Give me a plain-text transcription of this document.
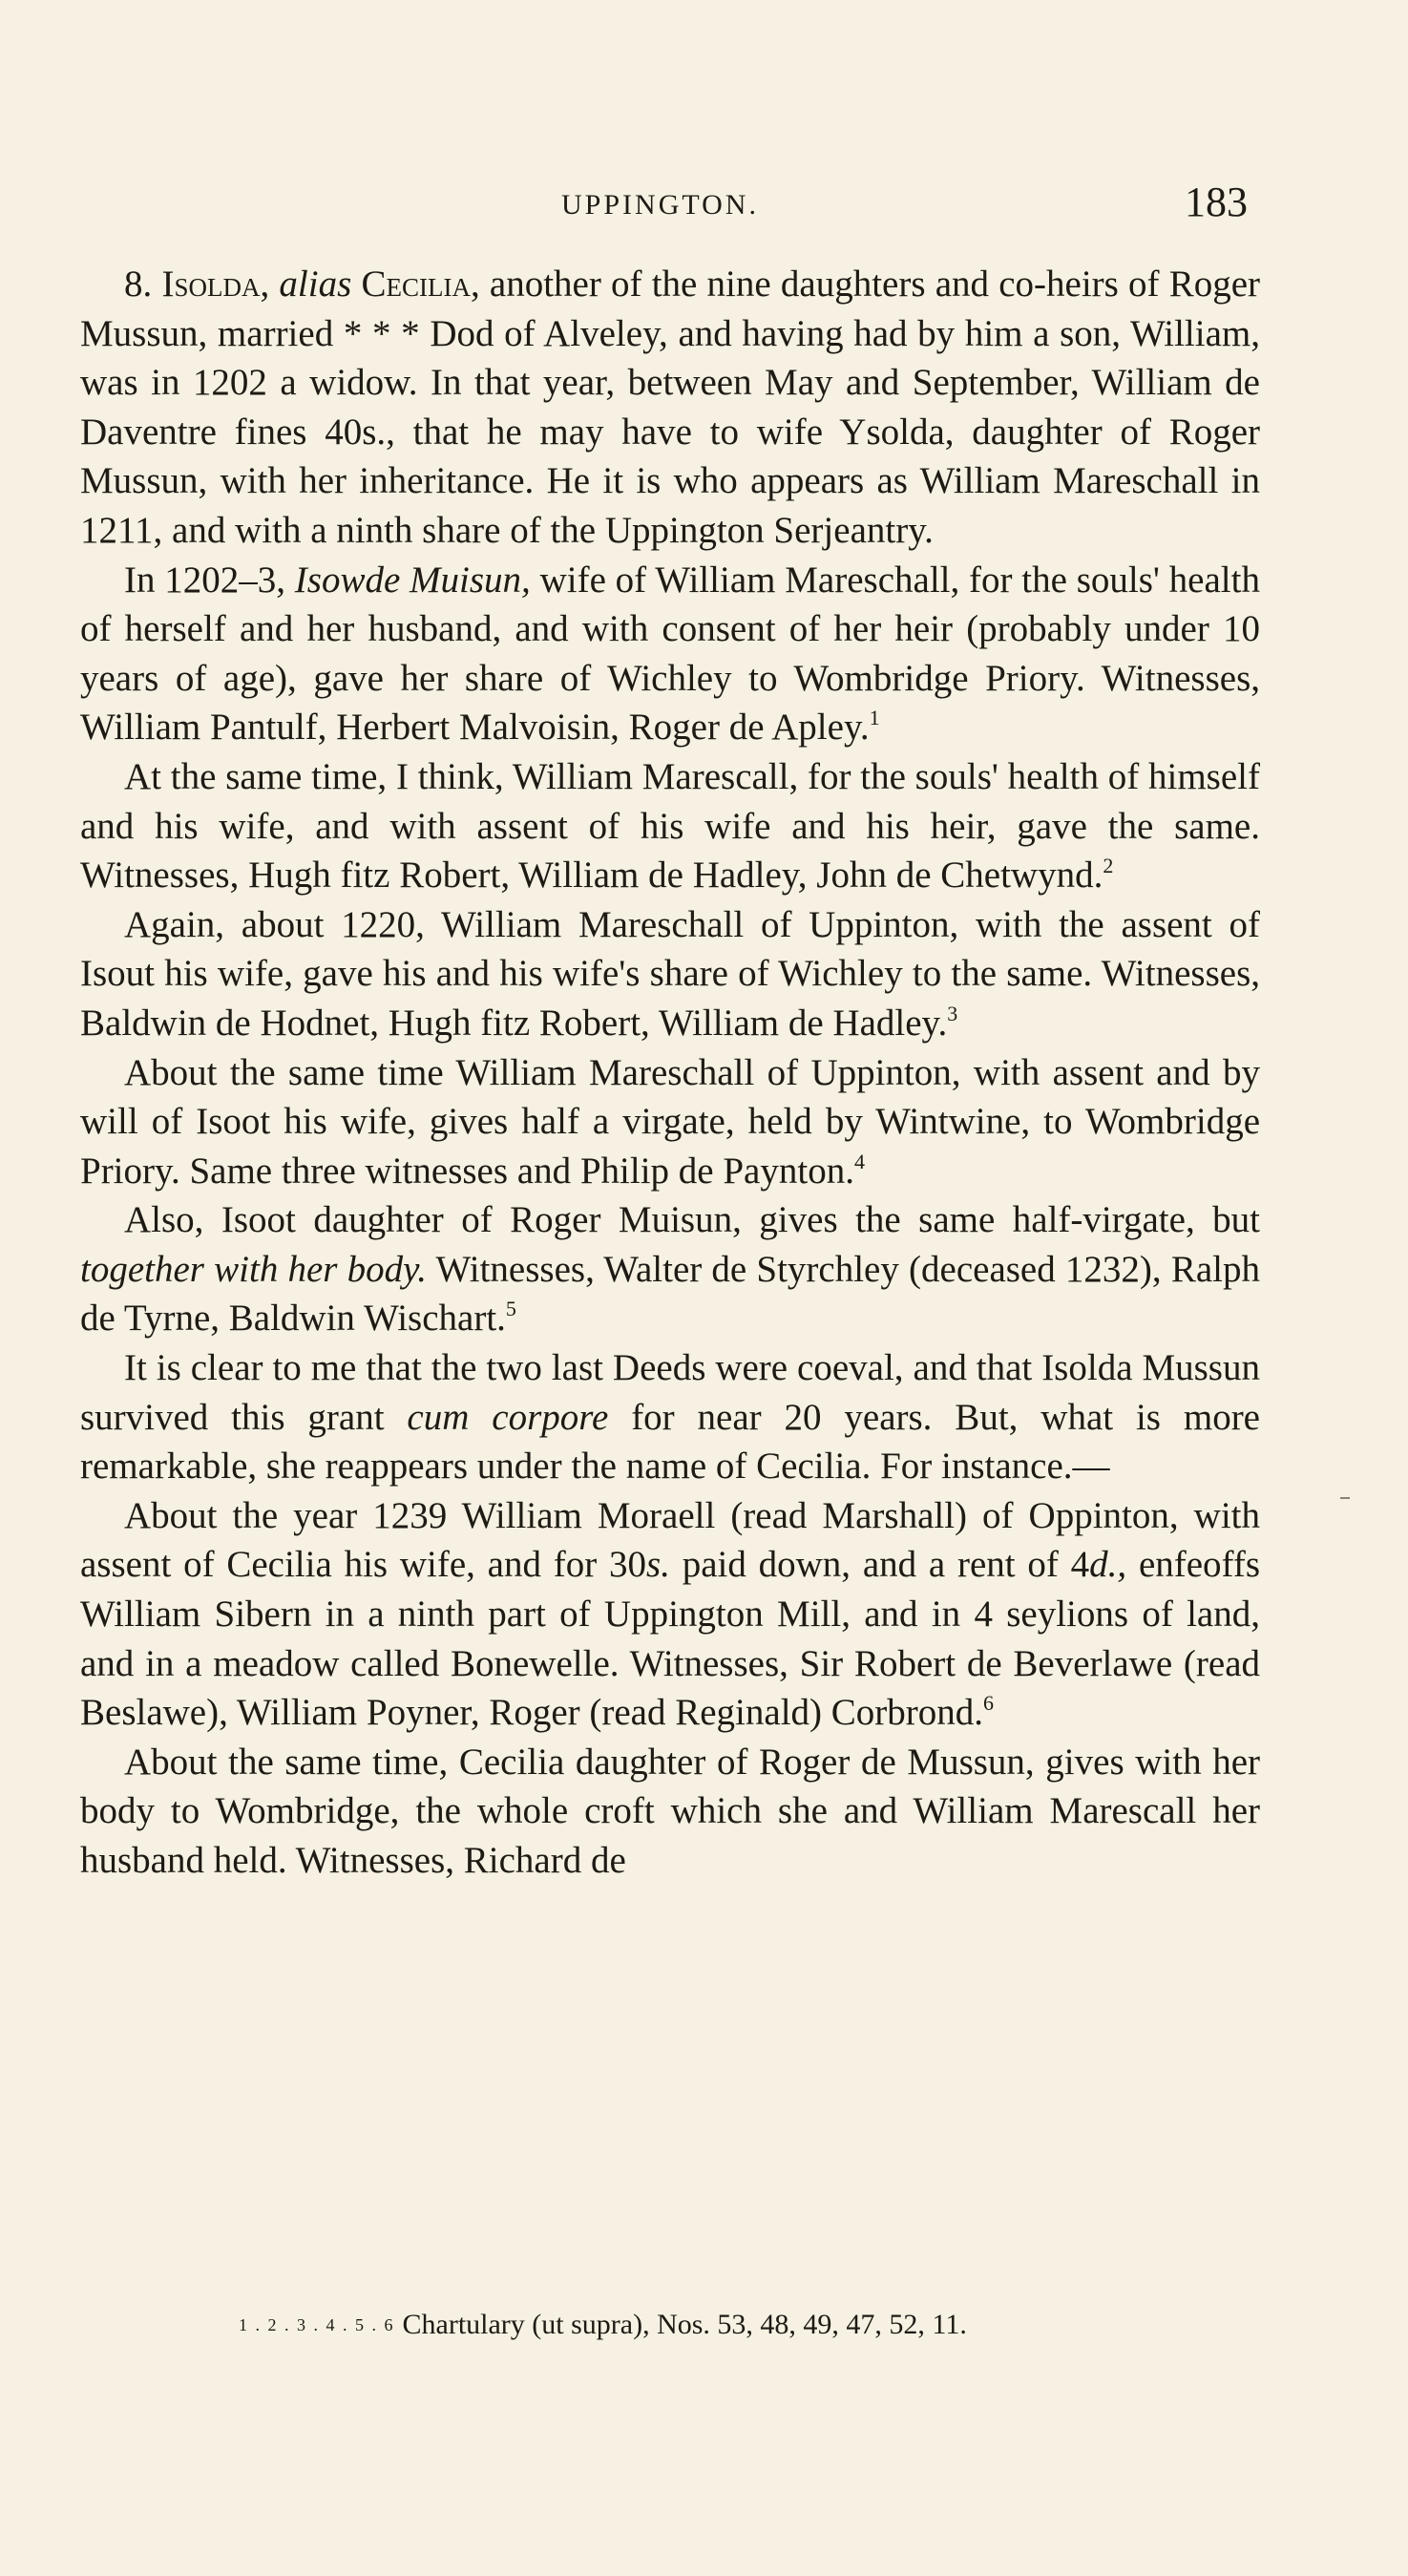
UPPINGTON.	183

8. Isolda, alias Cecilia, another of the nine daughters and co-heirs of Roger Mussun, married * * * Dod of Alveley, and having had by him a son, William, was in 1202 a widow. In that year, between May and September, William de Daventre fines 40s., that he may have to wife Ysolda, daughter of Roger Mussun, with her inheritance. He it is who appears as William Mareschall in 1211, and with a ninth share of the Uppington Serjeantry.

In 1202–3, Isowde Muisun, wife of William Mareschall, for the souls' health of herself and her husband, and with consent of her heir (probably under 10 years of age), gave her share of Wichley to Wombridge Priory. Witnesses, William Pantulf, Herbert Malvoisin, Roger de Apley.$^1$

At the same time, I think, William Marescall, for the souls' health of himself and his wife, and with assent of his wife and his heir, gave the same. Witnesses, Hugh fitz Robert, William de Hadley, John de Chetwynd.$^2$

Again, about 1220, William Mareschall of Uppinton, with the assent of Isout his wife, gave his and his wife's share of Wichley to the same. Witnesses, Baldwin de Hodnet, Hugh fitz Robert, William de Hadley.$^3$

About the same time William Mareschall of Uppinton, with assent and by will of Isoot his wife, gives half a virgate, held by Wintwine, to Wombridge Priory. Same three witnesses and Philip de Paynton.$^4$

Also, Isoot daughter of Roger Muisun, gives the same half-virgate, but together with her body. Witnesses, Walter de Styrchley (deceased 1232), Ralph de Tyrne, Baldwin Wischart.$^5$

It is clear to me that the two last Deeds were coeval, and that Isolda Mussun survived this grant cum corpore for near 20 years. But, what is more remarkable, she reappears under the name of Cecilia. For instance.—

About the year 1239 William Moraell (read Marshall) of Oppinton, with assent of Cecilia his wife, and for 30s. paid down, and a rent of 4d., enfeoffs William Sibern in a ninth part of Uppington Mill, and in 4 seylions of land, and in a meadow called Bonewelle. Witnesses, Sir Robert de Beverlawe (read Beslawe), William Poyner, Roger (read Reginald) Corbrond.$^6$

About the same time, Cecilia daughter of Roger de Mussun, gives with her body to Wombridge, the whole croft which she and William Marescall her husband held. Witnesses, Richard de

1 . 2 . 3 . 4 . 5 . 6 Chartulary (ut supra), Nos. 53, 48, 49, 47, 52, 11.
